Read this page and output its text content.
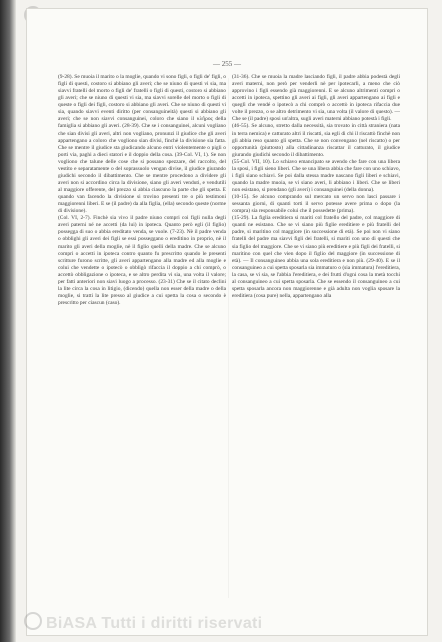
— 255 —

(9-28). Se muoia il marito o la moglie, quando vi sono figli, o figli de' figli, o figli di questi, costoro si abbiano gli averi; che se niuno di questi vi sia, ma siavvi fratelli del morto o figli de' fratelli o figli di questi, costoro si abbiano gli averi; che se niuno di questi vi sia, ma siavvi sorelle del morto o figli di queste o figli dei figli, costoro si abbiano gli averi. Che se niuno di questi vi sia, quando siavvi eventi diritto (per consanguineità) questi si abbiano gli averi; che se non siavvi consanguinei, coloro che siano il κλῆρος della famiglia si abbiano gli averi. (28-39). Che se i consanguinei, alcuni vogliano che sian divisi gli averi, altri non vogliano, pronunzi il giudice che gli averi appartengano a coloro che vogliono sian divisi, finchè la divisione sia fatta. Che se mentre il giudice sta giudicando alcuno entri violentemente o pigli o porti via, paghi a dieci statori e il doppio della cosa. (39-Col. VI, 1). Se non vogliono che talune delle cose che si possano spezzare, del raccolto, del vestito e separatamente o del soprassuolo vengan divise, il giudice giurando giudichi secondo il dibattimento. Che se mentre procedono a dividere gli averi non si accordino circa la divisione, siano gli averi venduti, e vendutili al maggiore offerente, del prezzo si abbia ciascuno la parte che gli spetta. E quando van facendo la divisione si trovino presenti tre o più testimoni maggiorenni liberi. E se (il padre) da alla figlia, (ella) secondo queste (norme di divisione).
(Col. VI, 2-7). Finchè sia vivo il padre niuno compri coi figli nulla degli averi paterni né ne accetti (da lui) in ipoteca. Quanto però egli (il figlio) possegga di suo o abbia ereditato venda, se vuole. (7-23). Nè il padre venda o obblighi gli averi dei figli se essi posseggano o ereditino in proprio, nè il marito gli averi della moglie, nè il figlio quelli della madre. Che se alcuno compri o accetti in ipoteca contro quanto fu prescritto quando le presenti scritture furono scritte, gli averi appartengano alla madre ed alla moglie e colui che vendette o ipotecò o obbligò rifaccia il doppio a chi comprò, o accettò obbligazione o ipoteca, e se altro perdita vi sia, una volta il valore; per fatti anteriori non siavi luogo a processo. (23-31) Che se il citato declini la lite circa la cosa in litigio, (dicendo) quella non esser della madre o della moglie, si tratti la lite presso al giudice a cui spetta la cosa o secondo è prescritto per ciascun (caso).

(31-36). Che se muoia la madre lasciando figli, il padre abbia podestà degli averi materni, non però per venderli nè per ipotecarli, a meno che ciò approvino i figli essendo già maggiorenni. E se alcuno altrimenti compri o accetti in ipoteca, spettino gli averi ai figli, gli averi appartengano ai figli e queglì che vendé o ipotecò a chi comprò o accettò in ipoteca rifaccia due volte il prezzo, o se altro detrimento vi sia, una volta (il valore di questo). — Che se (il padre) sposi un'altra, sugli averi materni abbiano potestà i figli.
(46-55). Se alcuno, stretto dalla necessità, sia trovato in città straniera (nata in terra nemica) e catturato altri il riscatti, sia egli di chi il riscattò finchè non gli abbia reso quanto gli spetta. Che se non convengano (nel riscatto) o per opportunità (piuttosto) alla cittadinanza riscattar il catturato, il giudice giurando giudichi secondo il dibattimento.
(55-Col. VII, 10). Lo schiavo emancipato se avendo che fare con una libera la sposi, i figli sieno liberi. Che se una libera abbia che fare con uno schiavo, i figli siano schiavi. Se poi dalla stessa madre nascano figli liberi e schiavi, quando la madre muoia, se vi siano averi, li abbiano i liberi. Che se liberi non esistano, si prendano (gli averi) i consanguinei (della donna).
(10-15). Se alcuno comprando sul mercato un servo non lasci passare i sessanta giorni, di quanti torti il servo potesse avere prima o dopo (la compra) sia responsabile colui che il possedette (prima).
(15-29). La figlia ereditiera si mariti col fratello del padre, col maggiore di quanti ne esistano. Che se vi siano più figlie ereditiere e più fratelli del padre, si maritino col maggiore (in successione di età). Se poi non vi siano fratelli del padre ma siavvi figli dei fratelli, si mariti con uno di questi che sia figlio del maggiore. Che se vi siano più ereditiere e più figli dei fratelli, si maritino con quel che vien dopo il figlio del maggiore (in successione di età). — Il consanguineo abbia una sola ereditiera e non più. (29-40). E se il consanguineo a cui spetta sposarla sia immaturo o (sia immatura) l'ereditiera, la casa, se vi sia, se l'abbia l'ereditiera, e dei frutti d'ogni cosa la metà tocchi al consanguineo a cui spetta sposarla. Che se essendo il consanguineo a cui spetta sposarla ancora non maggiorenne e già adulta non voglia sposare la ereditiera (cosa pure) nella, appartengano alla

BiASA Tutti i diritti riservati
